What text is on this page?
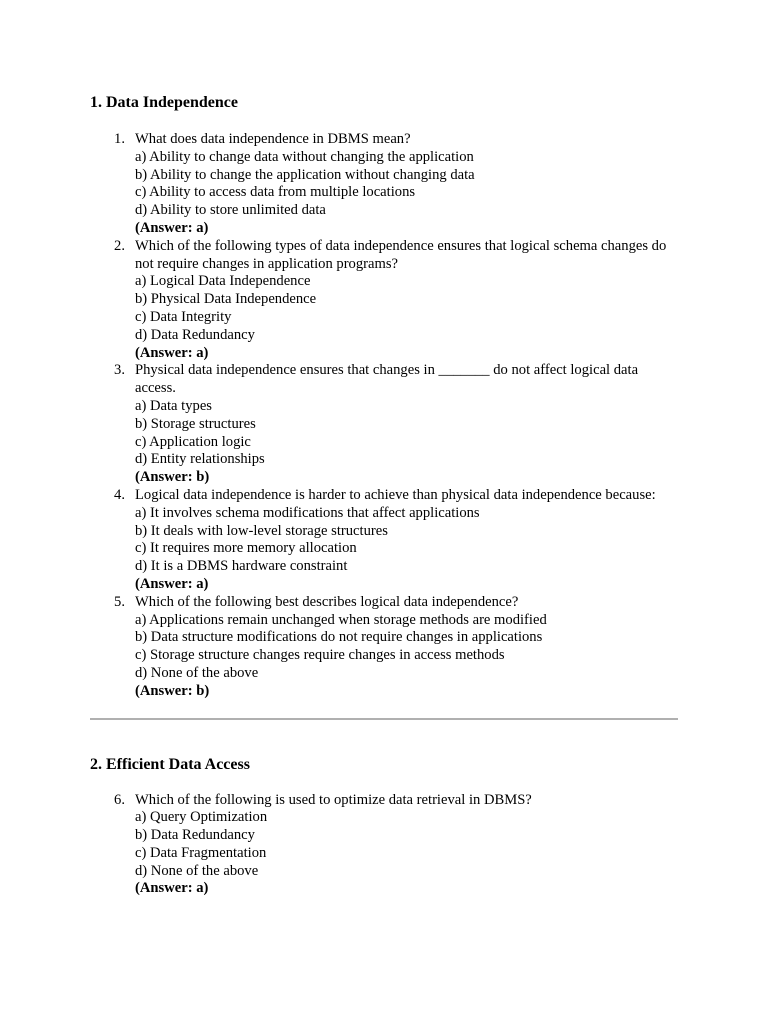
1. Data Independence
1. What does data independence in DBMS mean?
a) Ability to change data without changing the application
b) Ability to change the application without changing data
c) Ability to access data from multiple locations
d) Ability to store unlimited data
(Answer: a)
2. Which of the following types of data independence ensures that logical schema changes do not require changes in application programs?
a) Logical Data Independence
b) Physical Data Independence
c) Data Integrity
d) Data Redundancy
(Answer: a)
3. Physical data independence ensures that changes in _______ do not affect logical data access.
a) Data types
b) Storage structures
c) Application logic
d) Entity relationships
(Answer: b)
4. Logical data independence is harder to achieve than physical data independence because:
a) It involves schema modifications that affect applications
b) It deals with low-level storage structures
c) It requires more memory allocation
d) It is a DBMS hardware constraint
(Answer: a)
5. Which of the following best describes logical data independence?
a) Applications remain unchanged when storage methods are modified
b) Data structure modifications do not require changes in applications
c) Storage structure changes require changes in access methods
d) None of the above
(Answer: b)
2. Efficient Data Access
6. Which of the following is used to optimize data retrieval in DBMS?
a) Query Optimization
b) Data Redundancy
c) Data Fragmentation
d) None of the above
(Answer: a)
